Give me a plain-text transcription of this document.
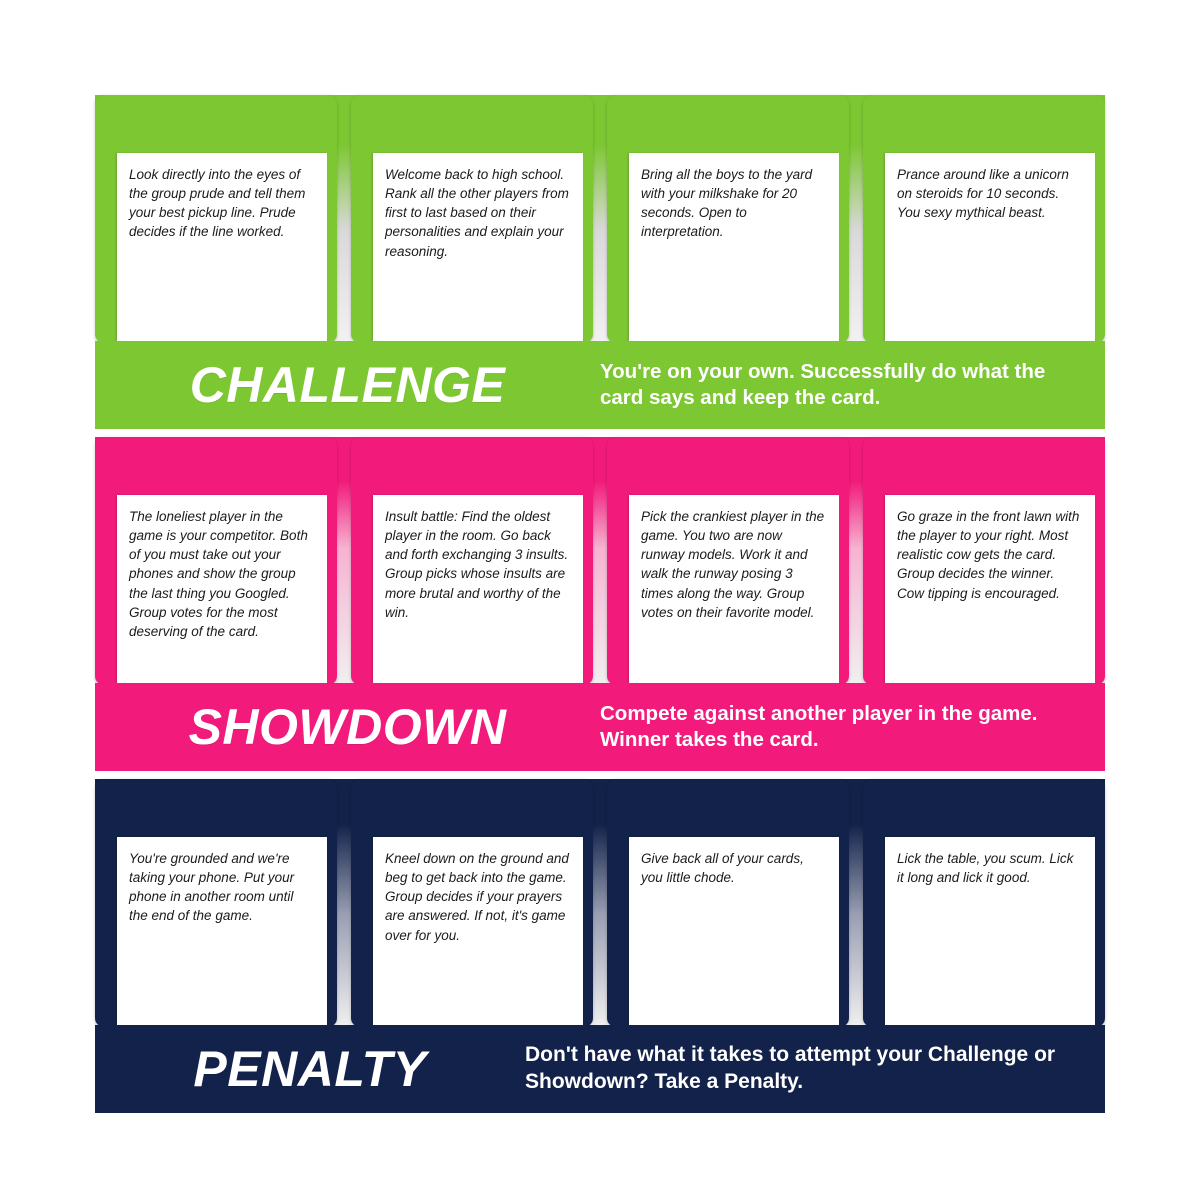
Look directly into the eyes of the group prude and tell them your best pickup line. Prude decides if the line worked.
Welcome back to high school. Rank all the other players from first to last based on their personalities and explain your reasoning.
Bring all the boys to the yard with your milkshake for 20 seconds. Open to interpretation.
Prance around like a unicorn on steroids for 10 seconds. You sexy mythical beast.
CHALLENGE	You're on your own. Successfully do what the card says and keep the card.
The loneliest player in the game is your competitor. Both of you must take out your phones and show the group the last thing you Googled. Group votes for the most deserving of the card.
Insult battle: Find the oldest player in the room. Go back and forth exchanging 3 insults. Group picks whose insults are more brutal and worthy of the win.
Pick the crankiest player in the game. You two are now runway models. Work it and walk the runway posing 3 times along the way. Group votes on their favorite model.
Go graze in the front lawn with the player to your right. Most realistic cow gets the card. Group decides the winner. Cow tipping is encouraged.
SHOWDOWN	Compete against another player in the game. Winner takes the card.
You're grounded and we're taking your phone. Put your phone in another room until the end of the game.
Kneel down on the ground and beg to get back into the game. Group decides if your prayers are answered. If not, it's game over for you.
Give back all of your cards, you little chode.
Lick the table, you scum. Lick it long and lick it good.
PENALTY	Don't have what it takes to attempt your Challenge or Showdown? Take a Penalty.
